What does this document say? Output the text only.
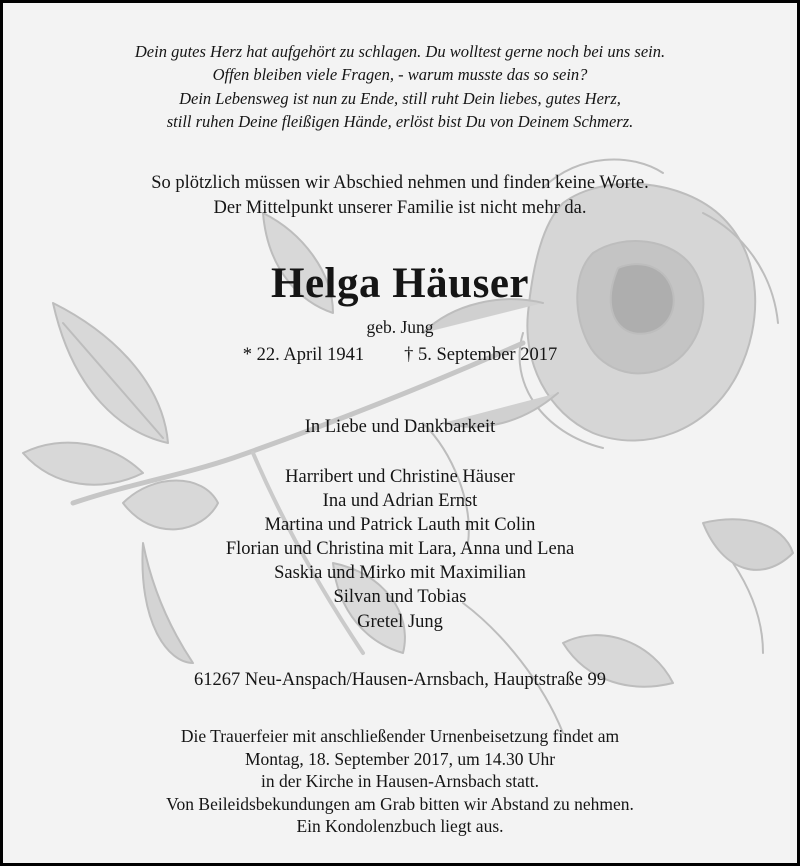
Dein gutes Herz hat aufgehört zu schlagen. Du wolltest gerne noch bei uns sein.
Offen bleiben viele Fragen, - warum musste das so sein?
Dein Lebensweg ist nun zu Ende, still ruht Dein liebes, gutes Herz,
still ruhen Deine fleißigen Hände, erlöst bist Du von Deinem Schmerz.
So plötzlich müssen wir Abschied nehmen und finden keine Worte.
Der Mittelpunkt unserer Familie ist nicht mehr da.
Helga Häuser
geb. Jung
* 22. April 1941 † 5. September 2017
In Liebe und Dankbarkeit
Harribert und Christine Häuser
Ina und Adrian Ernst
Martina und Patrick Lauth mit Colin
Florian und Christina mit Lara, Anna und Lena
Saskia und Mirko mit Maximilian
Silvan und Tobias
Gretel Jung
61267 Neu-Anspach/Hausen-Arnsbach, Hauptstraße 99
Die Trauerfeier mit anschließender Urnenbeisetzung findet am
Montag, 18. September 2017, um 14.30 Uhr
in der Kirche in Hausen-Arnsbach statt.
Von Beileidsbekundungen am Grab bitten wir Abstand zu nehmen.
Ein Kondolenzbuch liegt aus.
